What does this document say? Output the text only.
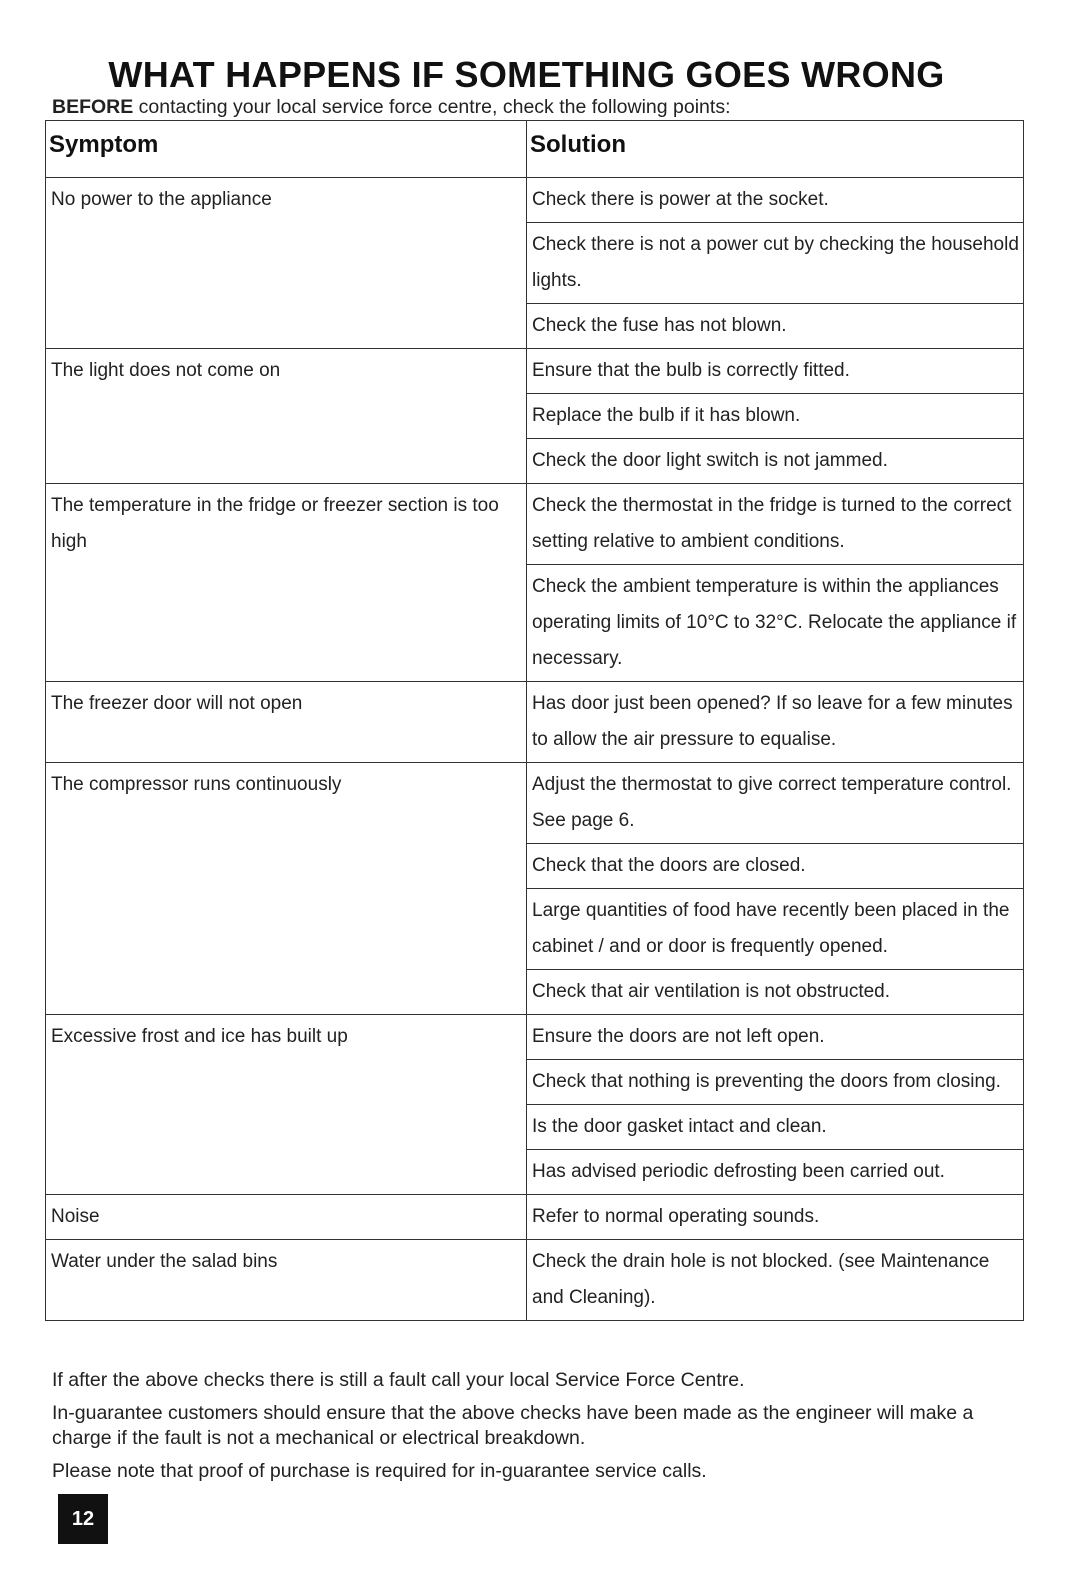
WHAT HAPPENS IF SOMETHING GOES WRONG
BEFORE contacting your local service force centre, check the following points:
Symptom	Solution
No power to the appliance	Check there is power at the socket.
	Check there is not a power cut by checking the household lights.
	Check the fuse has not blown.
The light does not come on	Ensure that the bulb is correctly fitted.
	Replace the bulb if it has blown.
	Check the door light switch is not jammed.
The temperature in the fridge or freezer section is too high	Check the thermostat in the fridge is turned to the correct setting relative to ambient conditions.
	Check the ambient temperature is within the appliances operating limits of 10°C to 32°C. Relocate the appliance if necessary.
The freezer door will not open	Has door just been opened? If so leave for a few minutes to allow the air pressure to equalise.
The compressor runs continuously	Adjust the thermostat to give correct temperature control. See page 6.
	Check that the doors are closed.
	Large quantities of food have recently been placed in the cabinet / and or door is frequently opened.
	Check that air ventilation is not obstructed.
Excessive frost and ice has built up	Ensure the doors are not left open.
	Check that nothing is preventing the doors from closing.
	Is the door gasket intact and clean.
	Has advised periodic defrosting been carried out.
Noise	Refer to normal operating sounds.
Water under the salad bins	Check the drain hole is not blocked. (see Maintenance and Cleaning).

If after the above checks there is still a fault call your local Service Force Centre.

In-guarantee customers should ensure that the above checks have been made as the engineer will make a charge if the fault is not a mechanical or electrical breakdown.

Please note that proof of purchase is required for in-guarantee service calls.

12
